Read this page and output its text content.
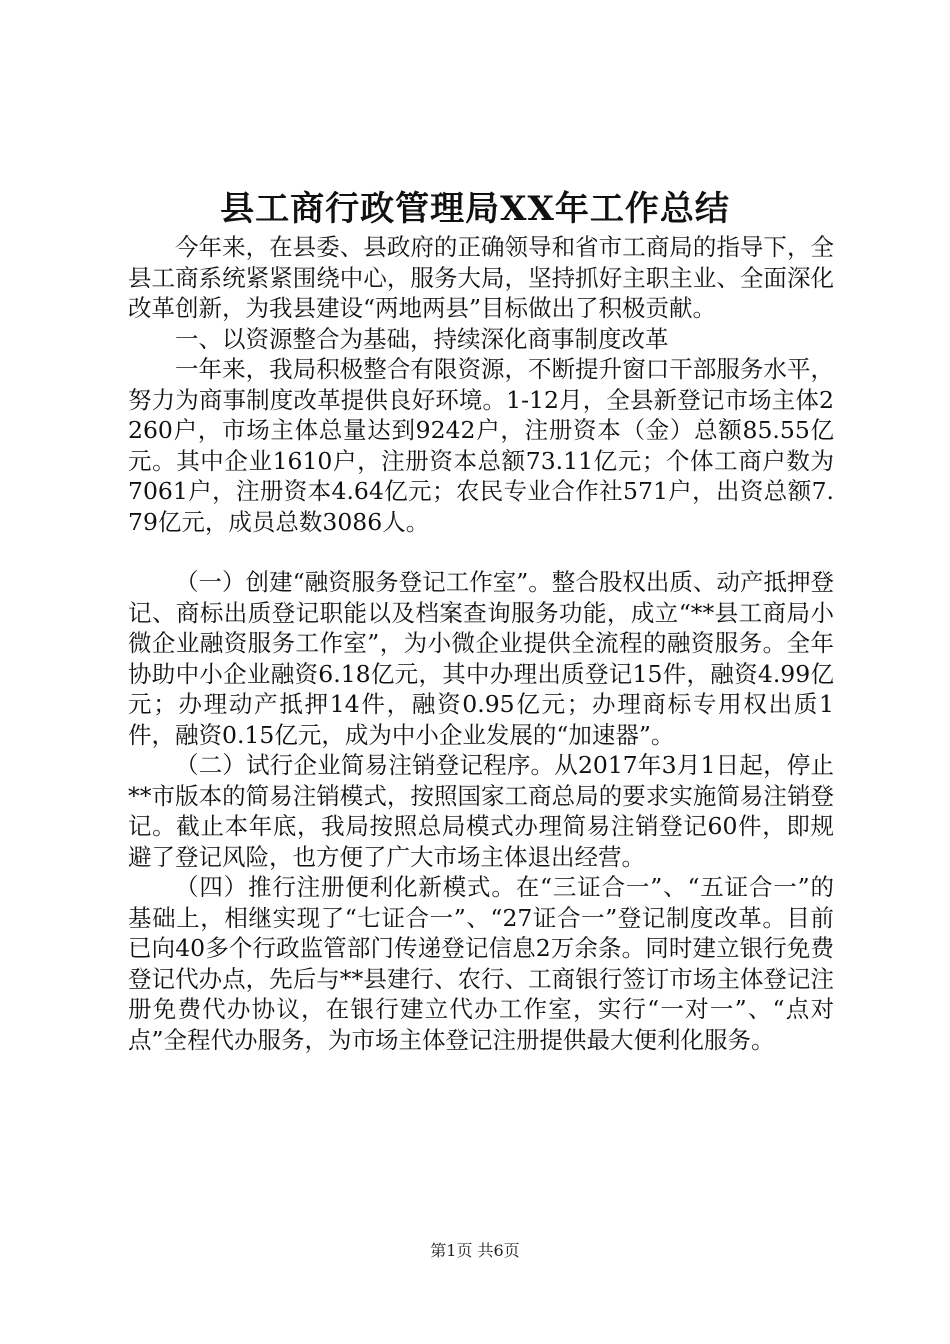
县工商行政管理局XX年工作总结

今年来，在县委、县政府的正确领导和省市工商局的指导下，全县工商系统紧紧围绕中心，服务大局，坚持抓好主职主业、全面深化改革创新，为我县建设“两地两县”目标做出了积极贡献。

一、以资源整合为基础，持续深化商事制度改革

一年来，我局积极整合有限资源，不断提升窗口干部服务水平，努力为商事制度改革提供良好环境。1-12月，全县新登记市场主体2260户，市场主体总量达到9242户，注册资本（金）总额85.55亿元。其中企业1610户，注册资本总额73.11亿元；个体工商户数为7061户，注册资本4.64亿元；农民专业合作社571户，出资总额7.79亿元，成员总数3086人。

（一）创建“融资服务登记工作室”。整合股权出质、动产抵押登记、商标出质登记职能以及档案查询服务功能，成立“**县工商局小微企业融资服务工作室”，为小微企业提供全流程的融资服务。全年协助中小企业融资6.18亿元，其中办理出质登记15件，融资4.99亿元；办理动产抵押14件，融资0.95亿元；办理商标专用权出质1件，融资0.15亿元，成为中小企业发展的“加速器”。

（二）试行企业简易注销登记程序。从2017年3月1日起，停止**市版本的简易注销模式，按照国家工商总局的要求实施简易注销登记。截止本年底，我局按照总局模式办理简易注销登记60件，即规避了登记风险，也方便了广大市场主体退出经营。

（四）推行注册便利化新模式。在“三证合一”、“五证合一”的基础上，相继实现了“七证合一”、“27证合一”登记制度改革。目前已向40多个行政监管部门传递登记信息2万余条。同时建立银行免费登记代办点，先后与**县建行、农行、工商银行签订市场主体登记注册免费代办协议，在银行建立代办工作室，实行“一对一”、“点对点”全程代办服务，为市场主体登记注册提供最大便利化服务。

第1页 共6页
